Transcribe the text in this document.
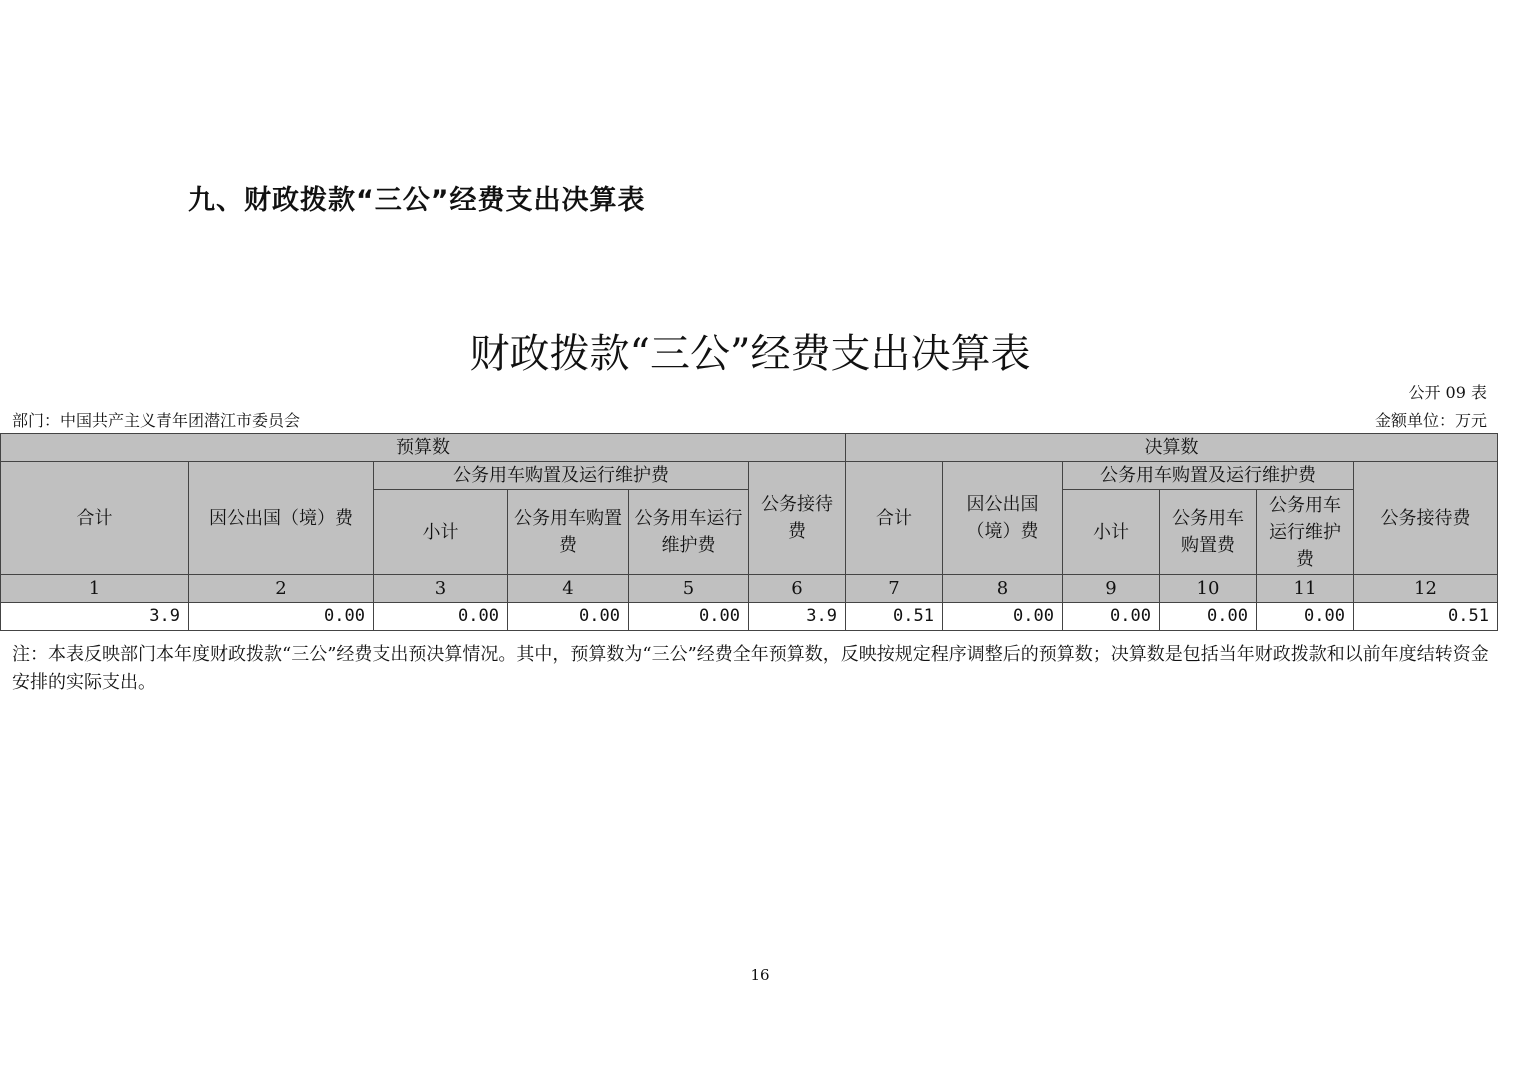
九、财政拨款“三公”经费支出决算表
财政拨款“三公”经费支出决算表
公开 09 表
部门：中国共产主义青年团潜江市委员会	金额单位：万元
预算数						决算数					
合计	因公出国（境）费	公务用车购置及运行维护费			公务接待费	合计	因公出国（境）费	公务用车购置及运行维护费			公务接待费
		小计	公务用车购置费	公务用车运行维护费				小计	公务用车购置费	公务用车运行维护费	
1	2	3	4	5	6	7	8	9	10	11	12
3.9	0.00	0.00	0.00	0.00	3.9	0.51	0.00	0.00	0.00	0.00	0.51
注：本表反映部门本年度财政拨款“三公”经费支出预决算情况。其中，预算数为“三公”经费全年预算数，反映按规定程序调整后的预算数；决算数是包括当年财政拨款和以前年度结转资金安排的实际支出。
16
